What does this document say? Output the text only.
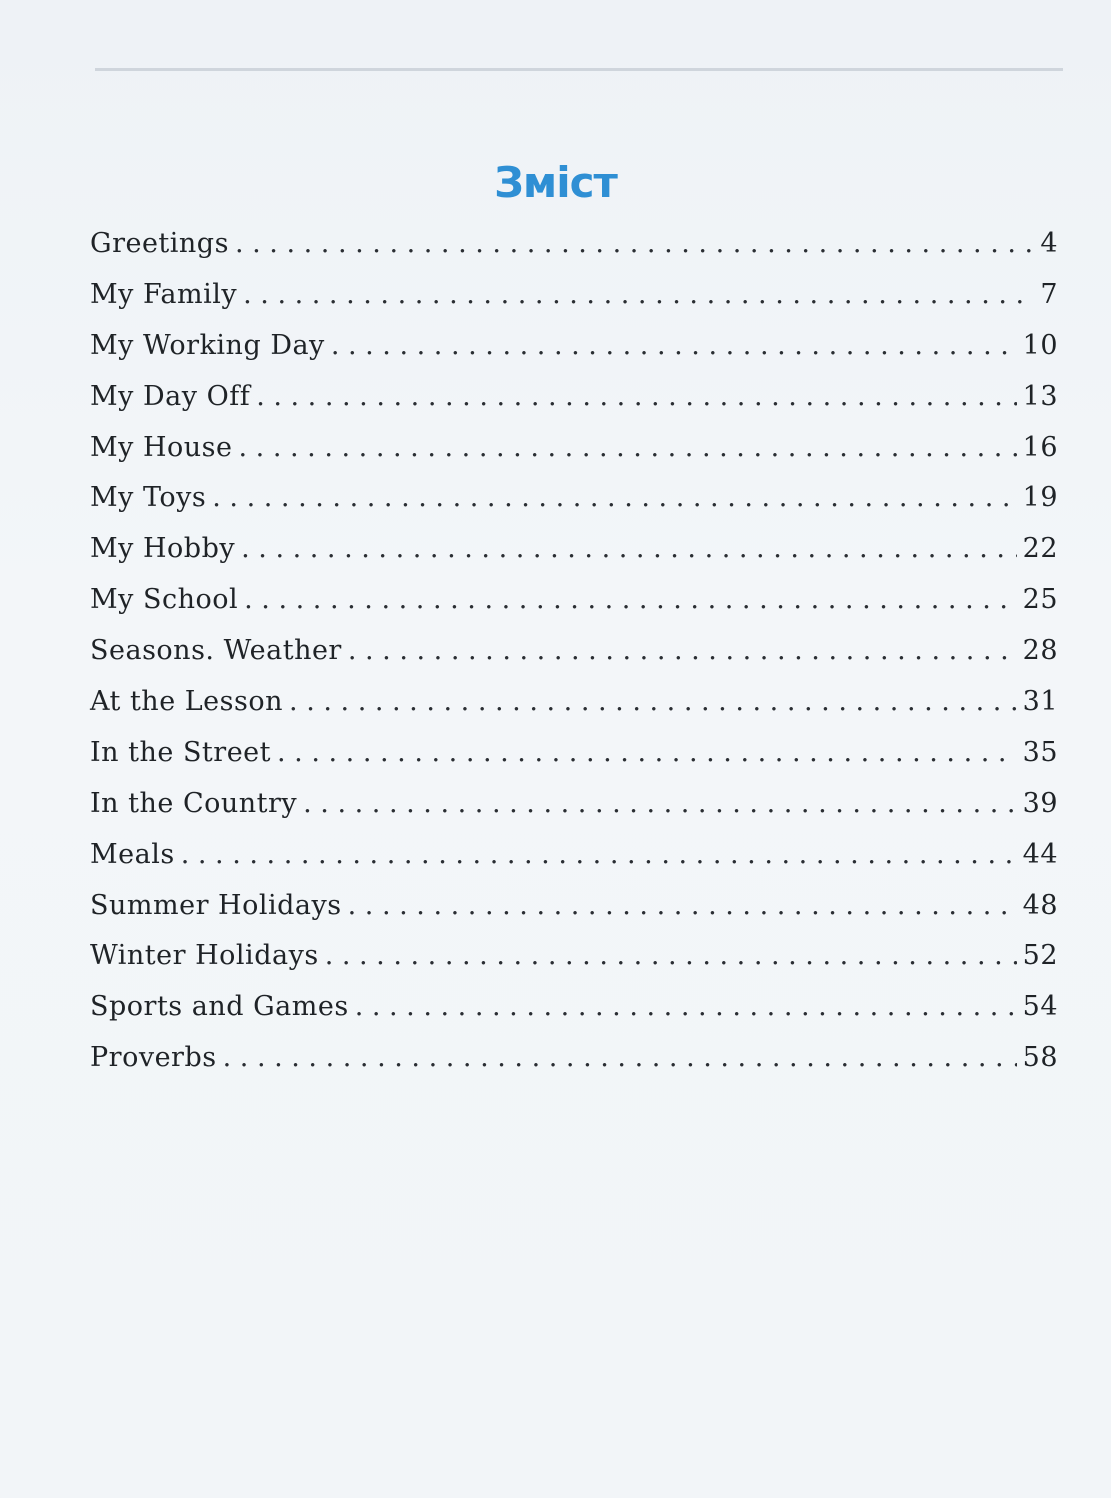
Зміст
Greetings . . .	4
My Family . . .	7
My Working Day . . .	10
My Day Off . . .	13
My House . . .	16
My Toys . . .	19
My Hobby . . .	22
My School . . .	25
Seasons. Weather . . .	28
At the Lesson . . .	31
In the Street . . .	35
In the Country . . .	39
Meals . . .	44
Summer Holidays . . .	48
Winter Holidays . . .	52
Sports and Games . . .	54
Proverbs . . .	58
